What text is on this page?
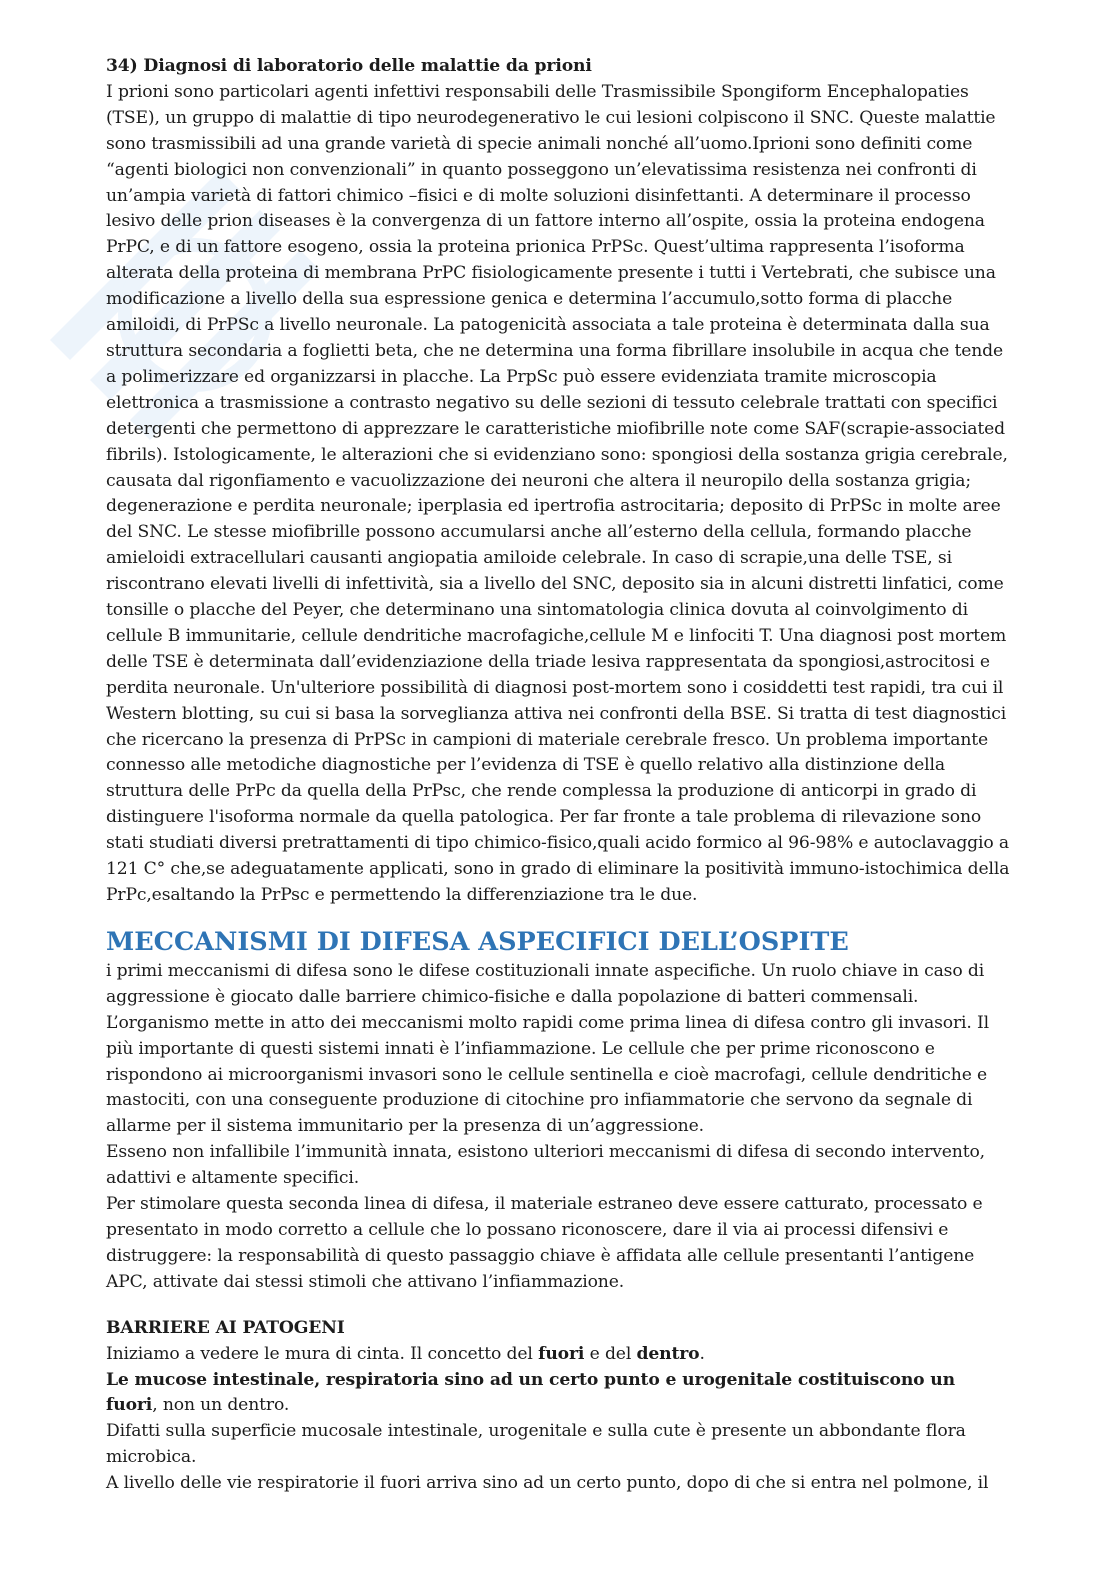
34) Diagnosi di laboratorio delle malattie da prioni

I prioni sono particolari agenti infettivi responsabili delle Trasmissibile Spongiform Encephalopaties (TSE), un gruppo di malattie di tipo neurodegenerativo le cui lesioni colpiscono il SNC. Queste malattie sono trasmissibili ad una grande varietà di specie animali nonché all’uomo.Iprioni sono definiti come “agenti biologici non convenzionali” in quanto posseggono un’elevatissima resistenza nei confronti di un’ampia varietà di fattori chimico –fisici e di molte soluzioni disinfettanti. A determinare il processo lesivo delle prion diseases è la convergenza di un fattore interno all’ospite, ossia la proteina endogena PrPC, e di un fattore esogeno, ossia la proteina prionica PrPSc. Quest’ultima rappresenta l’isoforma alterata della proteina di membrana PrPC fisiologicamente presente i tutti i Vertebrati, che subisce una modificazione a livello della sua espressione genica e determina l’accumulo,sotto forma di placche amiloidi, di PrPSc a livello neuronale. La patogenicità associata a tale proteina è determinata dalla sua struttura secondaria a foglietti beta, che ne determina una forma fibrillare insolubile in acqua che tende a polimerizzare ed organizzarsi in placche. La PrpSc può essere evidenziata tramite microscopia elettronica a trasmissione a contrasto negativo su delle sezioni di tessuto celebrale trattati con specifici detergenti che permettono di apprezzare le caratteristiche miofibrille note come SAF(scrapie-associated fibrils). Istologicamente, le alterazioni che si evidenziano sono: spongiosi della sostanza grigia cerebrale, causata dal rigonfiamento e vacuolizzazione dei neuroni che altera il neuropilo della sostanza grigia; degenerazione e perdita neuronale; iperplasia ed ipertrofia astrocitaria; deposito di PrPSc in molte aree del SNC. Le stesse miofibrille possono accumularsi anche all’esterno della cellula, formando placche amieloidi extracellulari causanti angiopatia amiloide celebrale. In caso di scrapie,una delle TSE, si riscontrano elevati livelli di infettività, sia a livello del SNC, deposito sia in alcuni distretti linfatici, come tonsille o placche del Peyer, che determinano una sintomatologia clinica dovuta al coinvolgimento di cellule B immunitarie, cellule dendritiche macrofagiche,cellule M e linfociti T. Una diagnosi post mortem delle TSE è determinata dall’evidenziazione della triade lesiva rappresentata da spongiosi,astrocitosi e perdita neuronale. Un'ulteriore possibilità di diagnosi post-mortem sono i cosiddetti test rapidi, tra cui il Western blotting, su cui si basa la sorveglianza attiva nei confronti della BSE. Si tratta di test diagnostici che ricercano la presenza di PrPSc in campioni di materiale cerebrale fresco. Un problema importante connesso alle metodiche diagnostiche per l’evidenza di TSE è quello relativo alla distinzione della struttura delle PrPc da quella della PrPsc, che rende complessa la produzione di anticorpi in grado di distinguere l'isoforma normale da quella patologica. Per far fronte a tale problema di rilevazione sono stati studiati diversi pretrattamenti di tipo chimico-fisico,quali acido formico al 96-98% e autoclavaggio a 121 C° che,se adeguatamente applicati, sono in grado di eliminare la positività immuno-istochimica della PrPc,esaltando la PrPsc e permettendo la differenziazione tra le due.

MECCANISMI DI DIFESA ASPECIFICI DELL’OSPITE

i primi meccanismi di difesa sono le difese costituzionali innate aspecifiche. Un ruolo chiave in caso di aggressione è giocato dalle barriere chimico-fisiche e dalla popolazione di batteri commensali.

L’organismo mette in atto dei meccanismi molto rapidi come prima linea di difesa contro gli invasori. Il più importante di questi sistemi innati è l’infiammazione. Le cellule che per prime riconoscono e rispondono ai microorganismi invasori sono le cellule sentinella e cioè macrofagi, cellule dendritiche e mastociti, con una conseguente produzione di citochine pro infiammatorie che servono da segnale di allarme per il sistema immunitario per la presenza di un’aggressione.

Esseno non infallibile l’immunità innata, esistono ulteriori meccanismi di difesa di secondo intervento, adattivi e altamente specifici.

Per stimolare questa seconda linea di difesa, il materiale estraneo deve essere catturato, processato e presentato in modo corretto a cellule che lo possano riconoscere, dare il via ai processi difensivi e distruggere: la responsabilità di questo passaggio chiave è affidata alle cellule presentanti l’antigene APC, attivate dai stessi stimoli che attivano l’infiammazione.

BARRIERE AI PATOGENI

Iniziamo a vedere le mura di cinta. Il concetto del fuori e del dentro.

Le mucose intestinale, respiratoria sino ad un certo punto e urogenitale costituiscono un fuori, non un dentro.

Difatti sulla superficie mucosale intestinale, urogenitale e sulla cute è presente un abbondante flora microbica.

A livello delle vie respiratorie il fuori arriva sino ad un certo punto, dopo di che si entra nel polmone, il
